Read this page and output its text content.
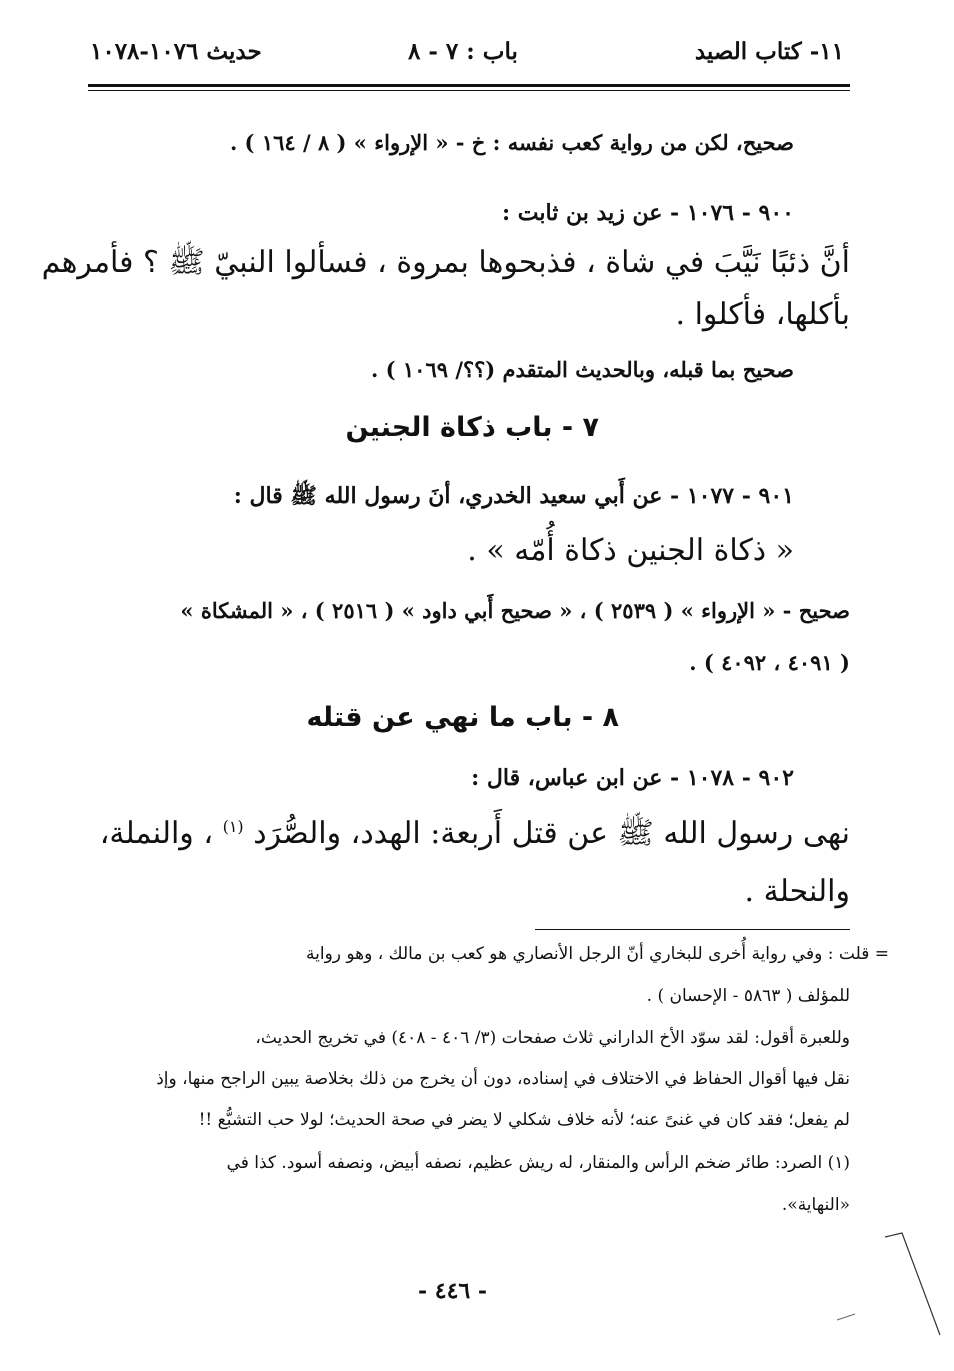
١١- كتاب الصيد
باب : ٧ - ٨
حديث ١٠٧٦-١٠٧٨
صحيح، لكن من رواية كعب نفسه : خ - « الإرواء » ( ٨ / ١٦٤ ) .
٩٠٠ - ١٠٧٦ - عن زيد بن ثابت :
أنَّ ذئبًا نَيَّبَ في شاة ، فذبحوها بمروة ، فسألوا النبيّ ﷺ ؟ فأمرهم
بأكلها، فأكلوا .
صحيح بما قبله، وبالحديث المتقدم (؟؟/ ١٠٦٩ ) .
٧ - باب ذكاة الجنين
٩٠١ - ١٠٧٧ - عن أَبي سعيد الخدري، أنَ رسول الله ﷺ قال :
« ذكاة الجنين ذكاة أُمّه » .
صحيح - « الإرواء » ( ٢٥٣٩ ) ، « صحيح أَبي داود » ( ٢٥١٦ ) ، « المشكاة »
( ٤٠٩١ ، ٤٠٩٢ ) .
٨ - باب ما نهي عن قتله
٩٠٢ - ١٠٧٨ - عن ابن عباس، قال :
نهى رسول الله ﷺ عن قتل أَربعة: الهدد، والصُّرَد $^{(١)}$ ، والنملة،
والنحلة .
= قلت : وفي رواية أُخرى للبخاري أنّ الرجل الأنصاري هو كعب بن مالك ، وهو رواية
للمؤلف ( ٥٨٦٣ - الإحسان ) .
وللعبرة أقول: لقد سوّد الأخ الداراني ثلاث صفحات (٣/ ٤٠٦ - ٤٠٨) في تخريج الحديث،
نقل فيها أقوال الحفاظ في الاختلاف في إسناده، دون أن يخرج من ذلك بخلاصة يبين الراجح منها، وإذ
لم يفعل؛ فقد كان في غنىً عنه؛ لأنه خلاف شكلي لا يضر في صحة الحديث؛ لولا حب التشبُّع !!
(١) الصرد: طائر ضخم الرأس والمنقار، له ريش عظيم، نصفه أبيض، ونصفه أسود. كذا في
«النهاية».
- ٤٤٦ -
